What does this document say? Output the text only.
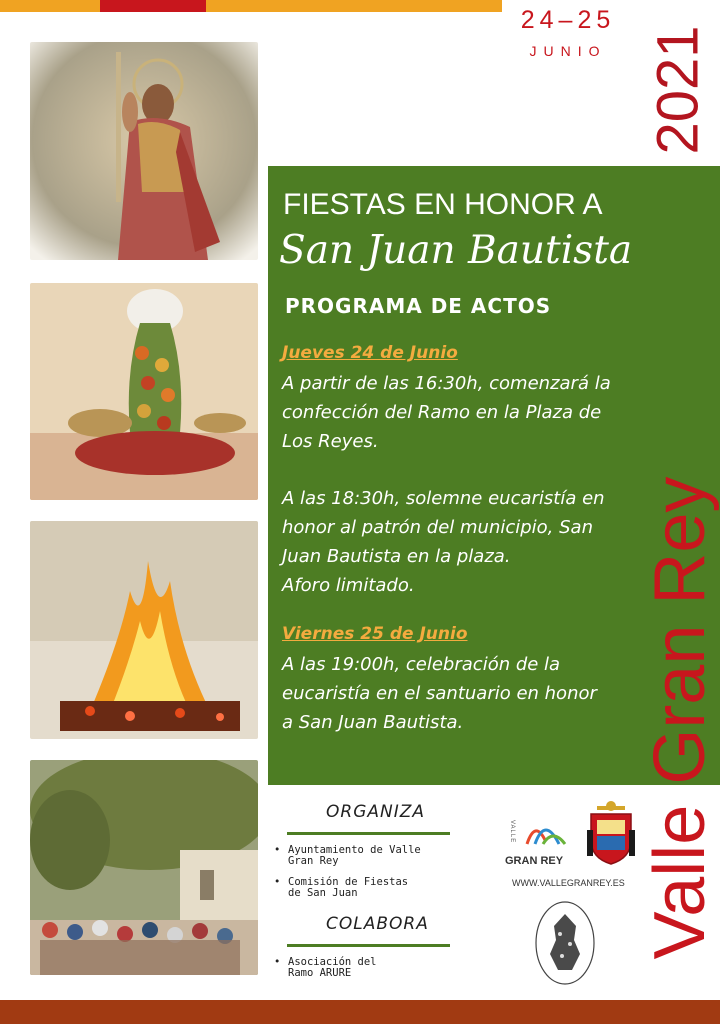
24–25
JUNIO 2021
FIESTAS EN HONOR A
San Juan Bautista
PROGRAMA DE ACTOS
Jueves 24 de Junio
A partir de las 16:30h, comenzará la
confección del Ramo en la Plaza de
Los Reyes.
A las 18:30h, solemne eucaristía en
honor al patrón del municipio, San
Juan Bautista en la plaza.
Aforo limitado.
Viernes 25 de Junio
A las 19:00h, celebración de la
eucaristía en el santuario en honor
a San Juan Bautista.	Valle Gran Rey
ORGANIZA
• Ayuntamiento de Valle
Gran Rey
• Comisión de Fiestas
de San Juan
COLABORA
• Asociación del
Ramo ARURE
VALLE
GRAN REY
WWW.VALLEGRANREY.ES
